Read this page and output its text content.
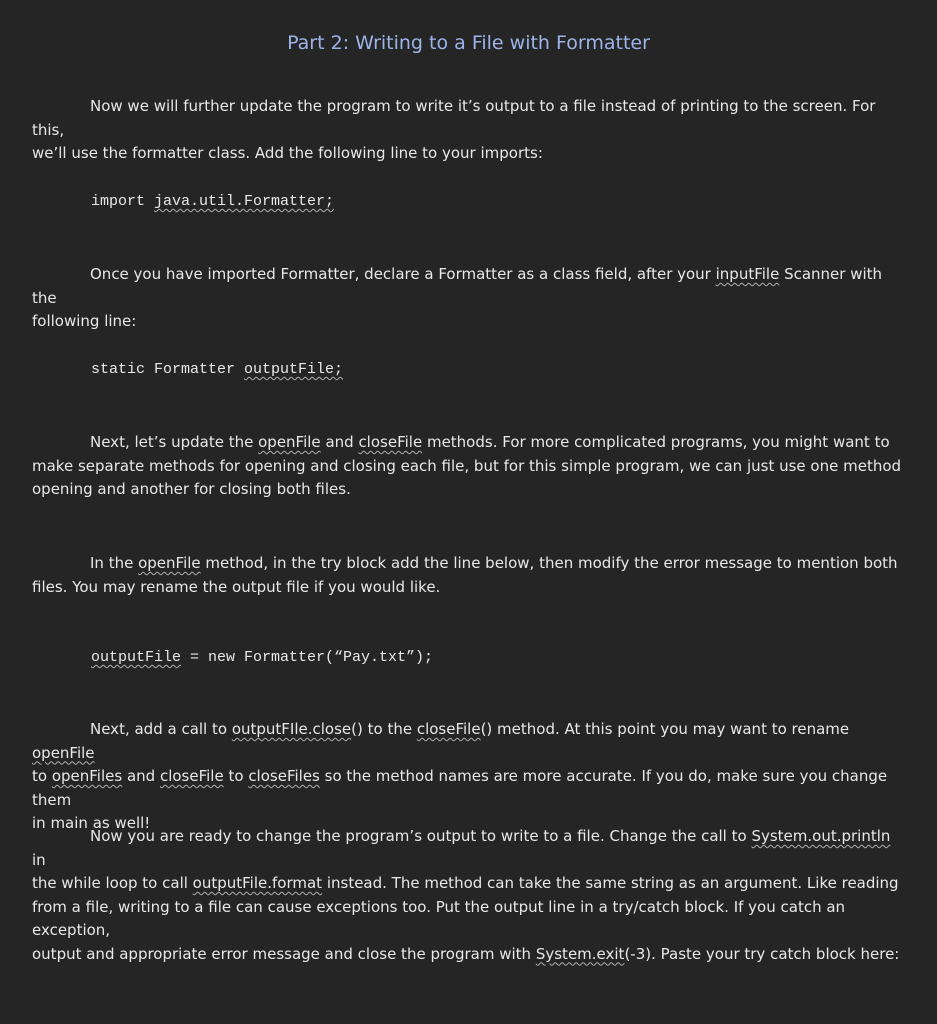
Part 2: Writing to a File with Formatter
Now we will further update the program to write it’s output to a file instead of printing to the screen. For this,
we’ll use the formatter class. Add the following line to your imports:
import java.util.Formatter;
Once you have imported Formatter, declare a Formatter as a class field, after your inputFile Scanner with the
following line:
static Formatter outputFile;
Next, let’s update the openFile and closeFile methods. For more complicated programs, you might want to
make separate methods for opening and closing each file, but for this simple program, we can just use one method
opening and another for closing both files.
In the openFile method, in the try block add the line below, then modify the error message to mention both
files. You may rename the output file if you would like.
outputFile = new Formatter(“Pay.txt”);
Next, add a call to outputFIle.close() to the closeFile() method. At this point you may want to rename openFile
to openFiles and closeFile to closeFiles so the method names are more accurate. If you do, make sure you change them
in main as well!
Now you are ready to change the program’s output to write to a file. Change the call to System.out.println in
the while loop to call outputFile.format instead. The method can take the same string as an argument. Like reading
from a file, writing to a file can cause exceptions too. Put the output line in a try/catch block. If you catch an exception,
output and appropriate error message and close the program with System.exit(-3). Paste your try catch block here:
